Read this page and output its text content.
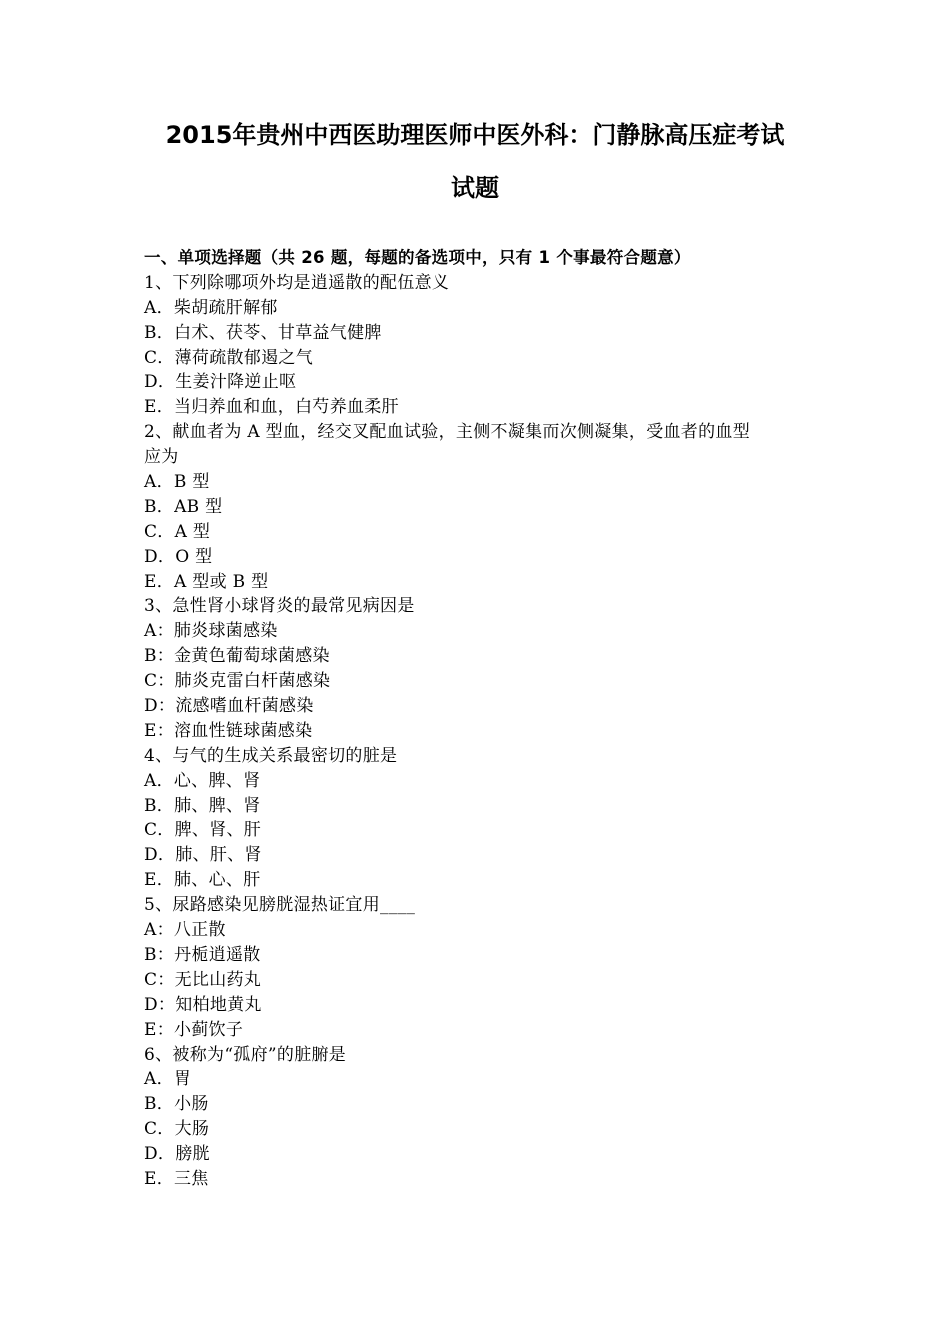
2015年贵州中西医助理医师中医外科：门静脉高压症考试
试题
一、单项选择题（共 26 题，每题的备选项中，只有 1 个事最符合题意）
1、下列除哪项外均是逍遥散的配伍意义
A．柴胡疏肝解郁
B．白术、茯苓、甘草益气健脾
C．薄荷疏散郁遏之气
D．生姜汁降逆止呕
E．当归养血和血，白芍养血柔肝
2、献血者为 A 型血，经交叉配血试验，主侧不凝集而次侧凝集，受血者的血型
应为
A．B 型
B．AB 型
C．A 型
D．O 型
E．A 型或 B 型
3、急性肾小球肾炎的最常见病因是
A：肺炎球菌感染
B：金黄色葡萄球菌感染
C：肺炎克雷白杆菌感染
D：流感嗜血杆菌感染
E：溶血性链球菌感染
4、与气的生成关系最密切的脏是
A．心、脾、肾
B．肺、脾、肾
C．脾、肾、肝
D．肺、肝、肾
E．肺、心、肝
5、尿路感染见膀胱湿热证宜用____
A：八正散
B：丹栀逍遥散
C：无比山药丸
D：知柏地黄丸
E：小蓟饮子
6、被称为“孤府”的脏腑是
A．胃
B．小肠
C．大肠
D．膀胱
E．三焦
